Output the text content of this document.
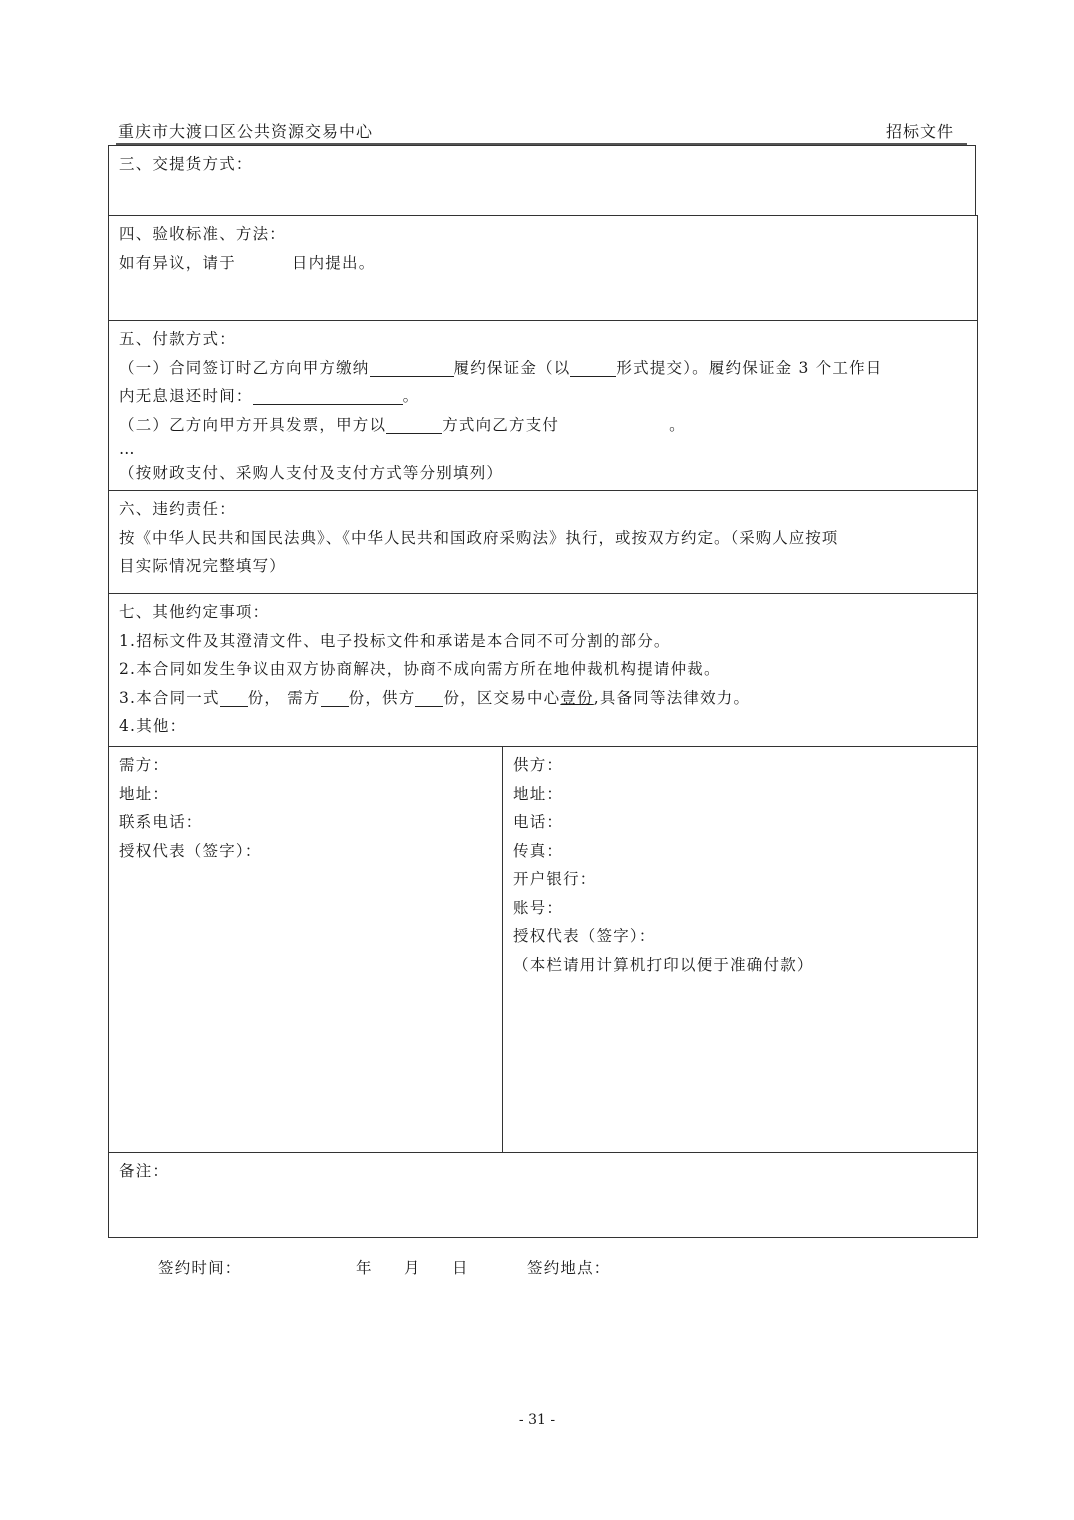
重庆市大渡口区公共资源交易中心	招标文件
三、交提货方式：
四、验收标准、方法：
如有异议，请于	日内提出。
五、付款方式：
（一）合同签订时乙方向甲方缴纳	履约保证金（以	形式提交）。履约保证金 3 个工作日
内无息退还时间：	。
（二）乙方向甲方开具发票，甲方以	方式向乙方支付	。
…
（按财政支付、采购人支付及支付方式等分别填列）
六、违约责任：
按《中华人民共和国民法典》、《中华人民共和国政府采购法》执行，或按双方约定。（采购人应按项
目实际情况完整填写）
七、其他约定事项：
1.招标文件及其澄清文件、电子投标文件和承诺是本合同不可分割的部分。
2.本合同如发生争议由双方协商解决，协商不成向需方所在地仲裁机构提请仲裁。
3.本合同一式 份， 需方 份，供方 份，区交易中心壹份,具备同等法律效力。
4.其他：
需方：
地址：
联系电话：
授权代表（签字）：
供方：
地址：
电话：
传真：
开户银行：
账号：
授权代表（签字）：
（本栏请用计算机打印以便于准确付款）
备注：
签约时间：	年 月 日	签约地点：
- 31 -
